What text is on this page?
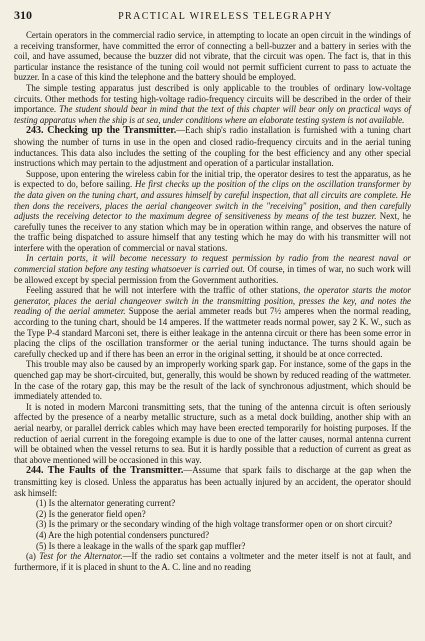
310	PRACTICAL WIRELESS TELEGRAPHY

Certain operators in the commercial radio service, in attempting to locate an open circuit in the windings of a receiving transformer, have committed the error of connecting a bell-buzzer and a battery in series with the coil, and have assumed, because the buzzer did not vibrate, that the circuit was open. The fact is, that in this particular instance the resistance of the tuning coil would not permit sufficient current to pass to actuate the buzzer. In a case of this kind the telephone and the battery should be employed.

The simple testing apparatus just described is only applicable to the troubles of ordinary low-voltage circuits. Other methods for testing high-voltage radio-frequency circuits will be described in the order of their importance. The student should bear in mind that the text of this chapter will bear only on practical ways of testing apparatus when the ship is at sea, under conditions where an elaborate testing system is not available.

243. Checking up the Transmitter.—Each ship's radio installation is furnished with a tuning chart showing the number of turns in use in the open and closed radio-frequency circuits and in the aerial tuning inductances. This data also includes the setting of the coupling for the best efficiency and any other special instructions which may pertain to the adjustment and operation of a particular installation.

Suppose, upon entering the wireless cabin for the initial trip, the operator desires to test the apparatus, as he is expected to do, before sailing. He first checks up the position of the clips on the oscillation transformer by the data given on the tuning chart, and assures himself by careful inspection, that all circuits are complete. He then dons the receivers, places the aerial changeover switch in the "receiving" position, and then carefully adjusts the receiving detector to the maximum degree of sensitiveness by means of the test buzzer. Next, he carefully tunes the receiver to any station which may be in operation within range, and observes the nature of the traffic being dispatched to assure himself that any testing which he may do with his transmitter will not interfere with the operation of commercial or naval stations.

In certain ports, it will become necessary to request permission by radio from the nearest naval or commercial station before any testing whatsoever is carried out. Of course, in times of war, no such work will be allowed except by special permission from the Government authorities.

Feeling assured that he will not interfere with the traffic of other stations, the operator starts the motor generator, places the aerial changeover switch in the transmitting position, presses the key, and notes the reading of the aerial ammeter. Suppose the aerial ammeter reads but 7½ amperes when the normal reading, according to the tuning chart, should be 14 amperes. If the wattmeter reads normal power, say 2 K. W., such as the Type P-4 standard Marconi set, there is either leakage in the antenna circuit or there has been some error in placing the clips of the oscillation transformer or the aerial tuning inductance. The turns should again be carefully checked up and if there has been an error in the original setting, it should be at once corrected.

This trouble may also be caused by an improperly working spark gap. For instance, some of the gaps in the quenched gap may be short-circuited, but, generally, this would be shown by reduced reading of the wattmeter. In the case of the rotary gap, this may be the result of the lack of synchronous adjustment, which should be immediately attended to.

It is noted in modern Marconi transmitting sets, that the tuning of the antenna circuit is often seriously affected by the presence of a nearby metallic structure, such as a metal dock building, another ship with an aerial nearby, or parallel derrick cables which may have been erected temporarily for hoisting purposes. If the reduction of aerial current in the foregoing example is due to one of the latter causes, normal antenna current will be obtained when the vessel returns to sea. But it is hardly possible that a reduction of current as great as that above mentioned will be occasioned in this way.

244. The Faults of the Transmitter.—Assume that spark fails to discharge at the gap when the transmitting key is closed. Unless the apparatus has been actually injured by an accident, the operator should ask himself:

(1) Is the alternator generating current?
(2) Is the generator field open?
(3) Is the primary or the secondary winding of the high voltage transformer open or on short circuit?
(4) Are the high potential condensers punctured?
(5) Is there a leakage in the walls of the spark gap muffler?

(a) Test for the Alternator.—If the radio set contains a voltmeter and the meter itself is not at fault, and furthermore, if it is placed in shunt to the A. C. line and no reading
